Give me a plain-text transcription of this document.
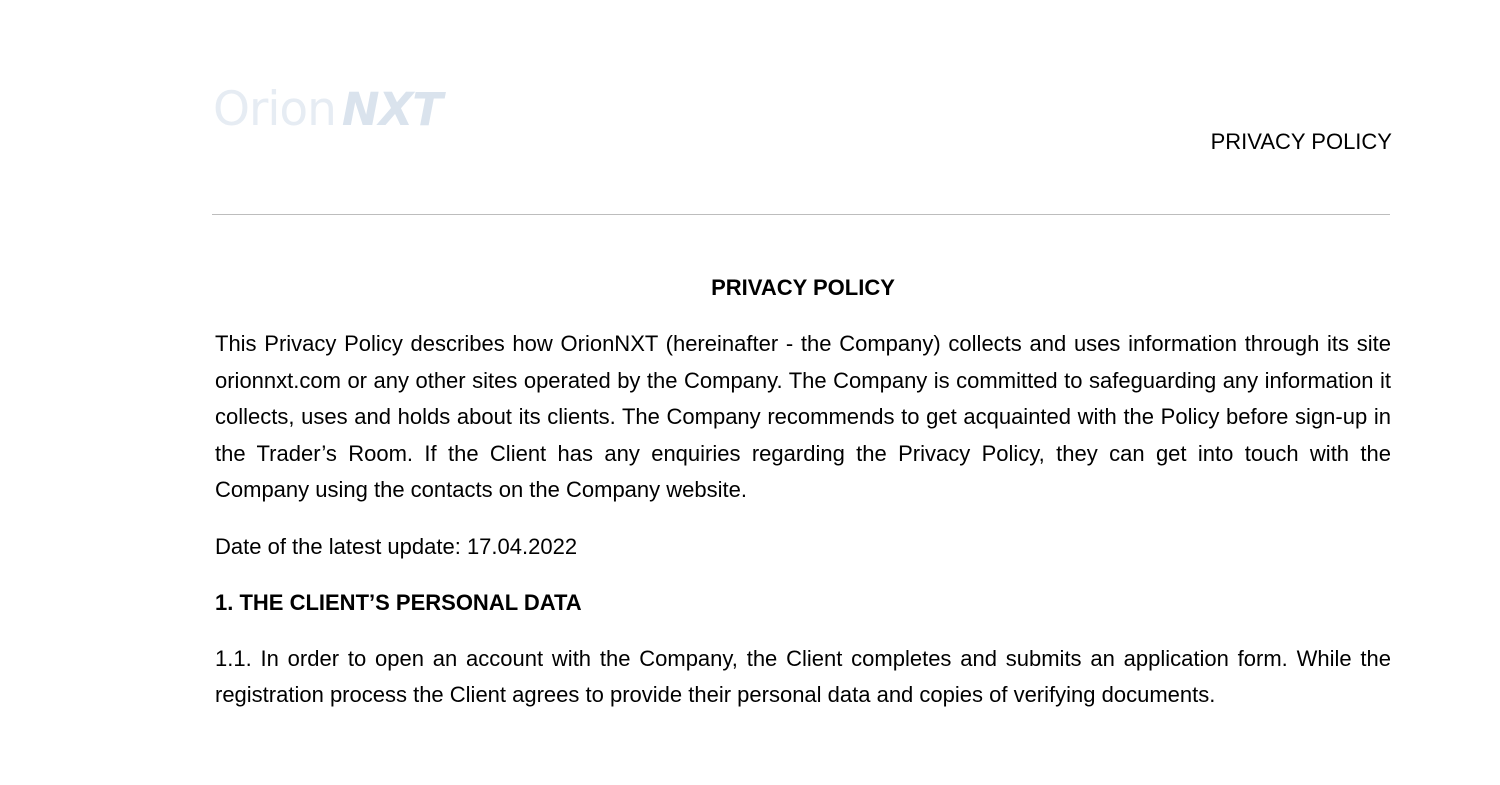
Orion NXT
PRIVACY POLICY
PRIVACY POLICY

This Privacy Policy describes how OrionNXT (hereinafter - the Company) collects and uses information through its site orionnxt.com or any other sites operated by the Company. The Company is committed to safeguarding any information it collects, uses and holds about its clients. The Company recommends to get acquainted with the Policy before sign-up in the Trader’s Room. If the Client has any enquiries regarding the Privacy Policy, they can get into touch with the Company using the contacts on the Company website.

Date of the latest update: 17.04.2022
1. THE CLIENT’S PERSONAL DATA

1.1. In order to open an account with the Company, the Client completes and submits an application form. While the registration process the Client agrees to provide their personal data and copies of verifying documents.
